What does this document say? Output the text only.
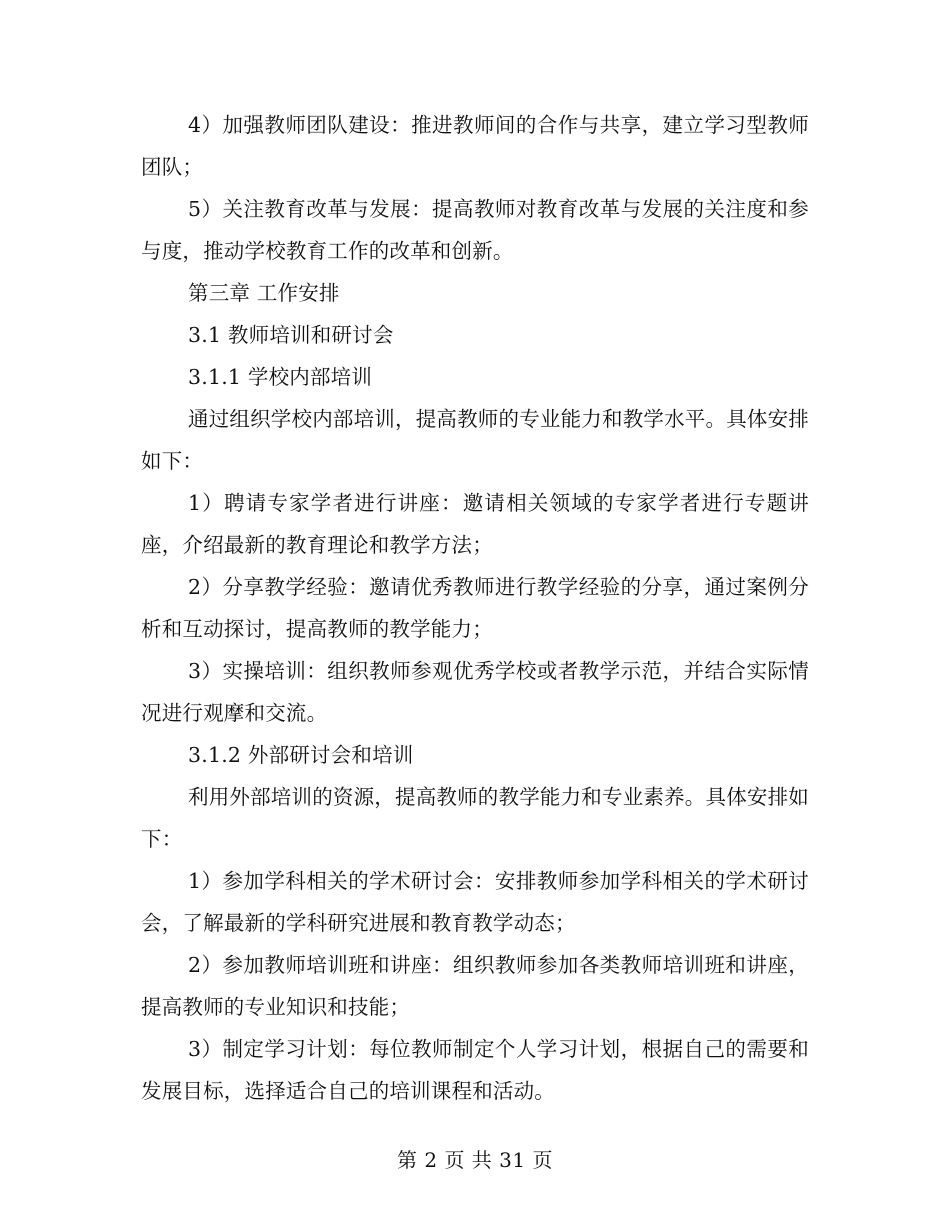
4）加强教师团队建设：推进教师间的合作与共享，建立学习型教师团队；

5）关注教育改革与发展：提高教师对教育改革与发展的关注度和参与度，推动学校教育工作的改革和创新。

第三章 工作安排

3.1 教师培训和研讨会

3.1.1 学校内部培训

通过组织学校内部培训，提高教师的专业能力和教学水平。具体安排如下：

1）聘请专家学者进行讲座：邀请相关领域的专家学者进行专题讲座，介绍最新的教育理论和教学方法；

2）分享教学经验：邀请优秀教师进行教学经验的分享，通过案例分析和互动探讨，提高教师的教学能力；

3）实操培训：组织教师参观优秀学校或者教学示范，并结合实际情况进行观摩和交流。

3.1.2 外部研讨会和培训

利用外部培训的资源，提高教师的教学能力和专业素养。具体安排如下：

1）参加学科相关的学术研讨会：安排教师参加学科相关的学术研讨会，了解最新的学科研究进展和教育教学动态；

2）参加教师培训班和讲座：组织教师参加各类教师培训班和讲座，提高教师的专业知识和技能；

3）制定学习计划：每位教师制定个人学习计划，根据自己的需要和发展目标，选择适合自己的培训课程和活动。

第 2 页 共 31 页
